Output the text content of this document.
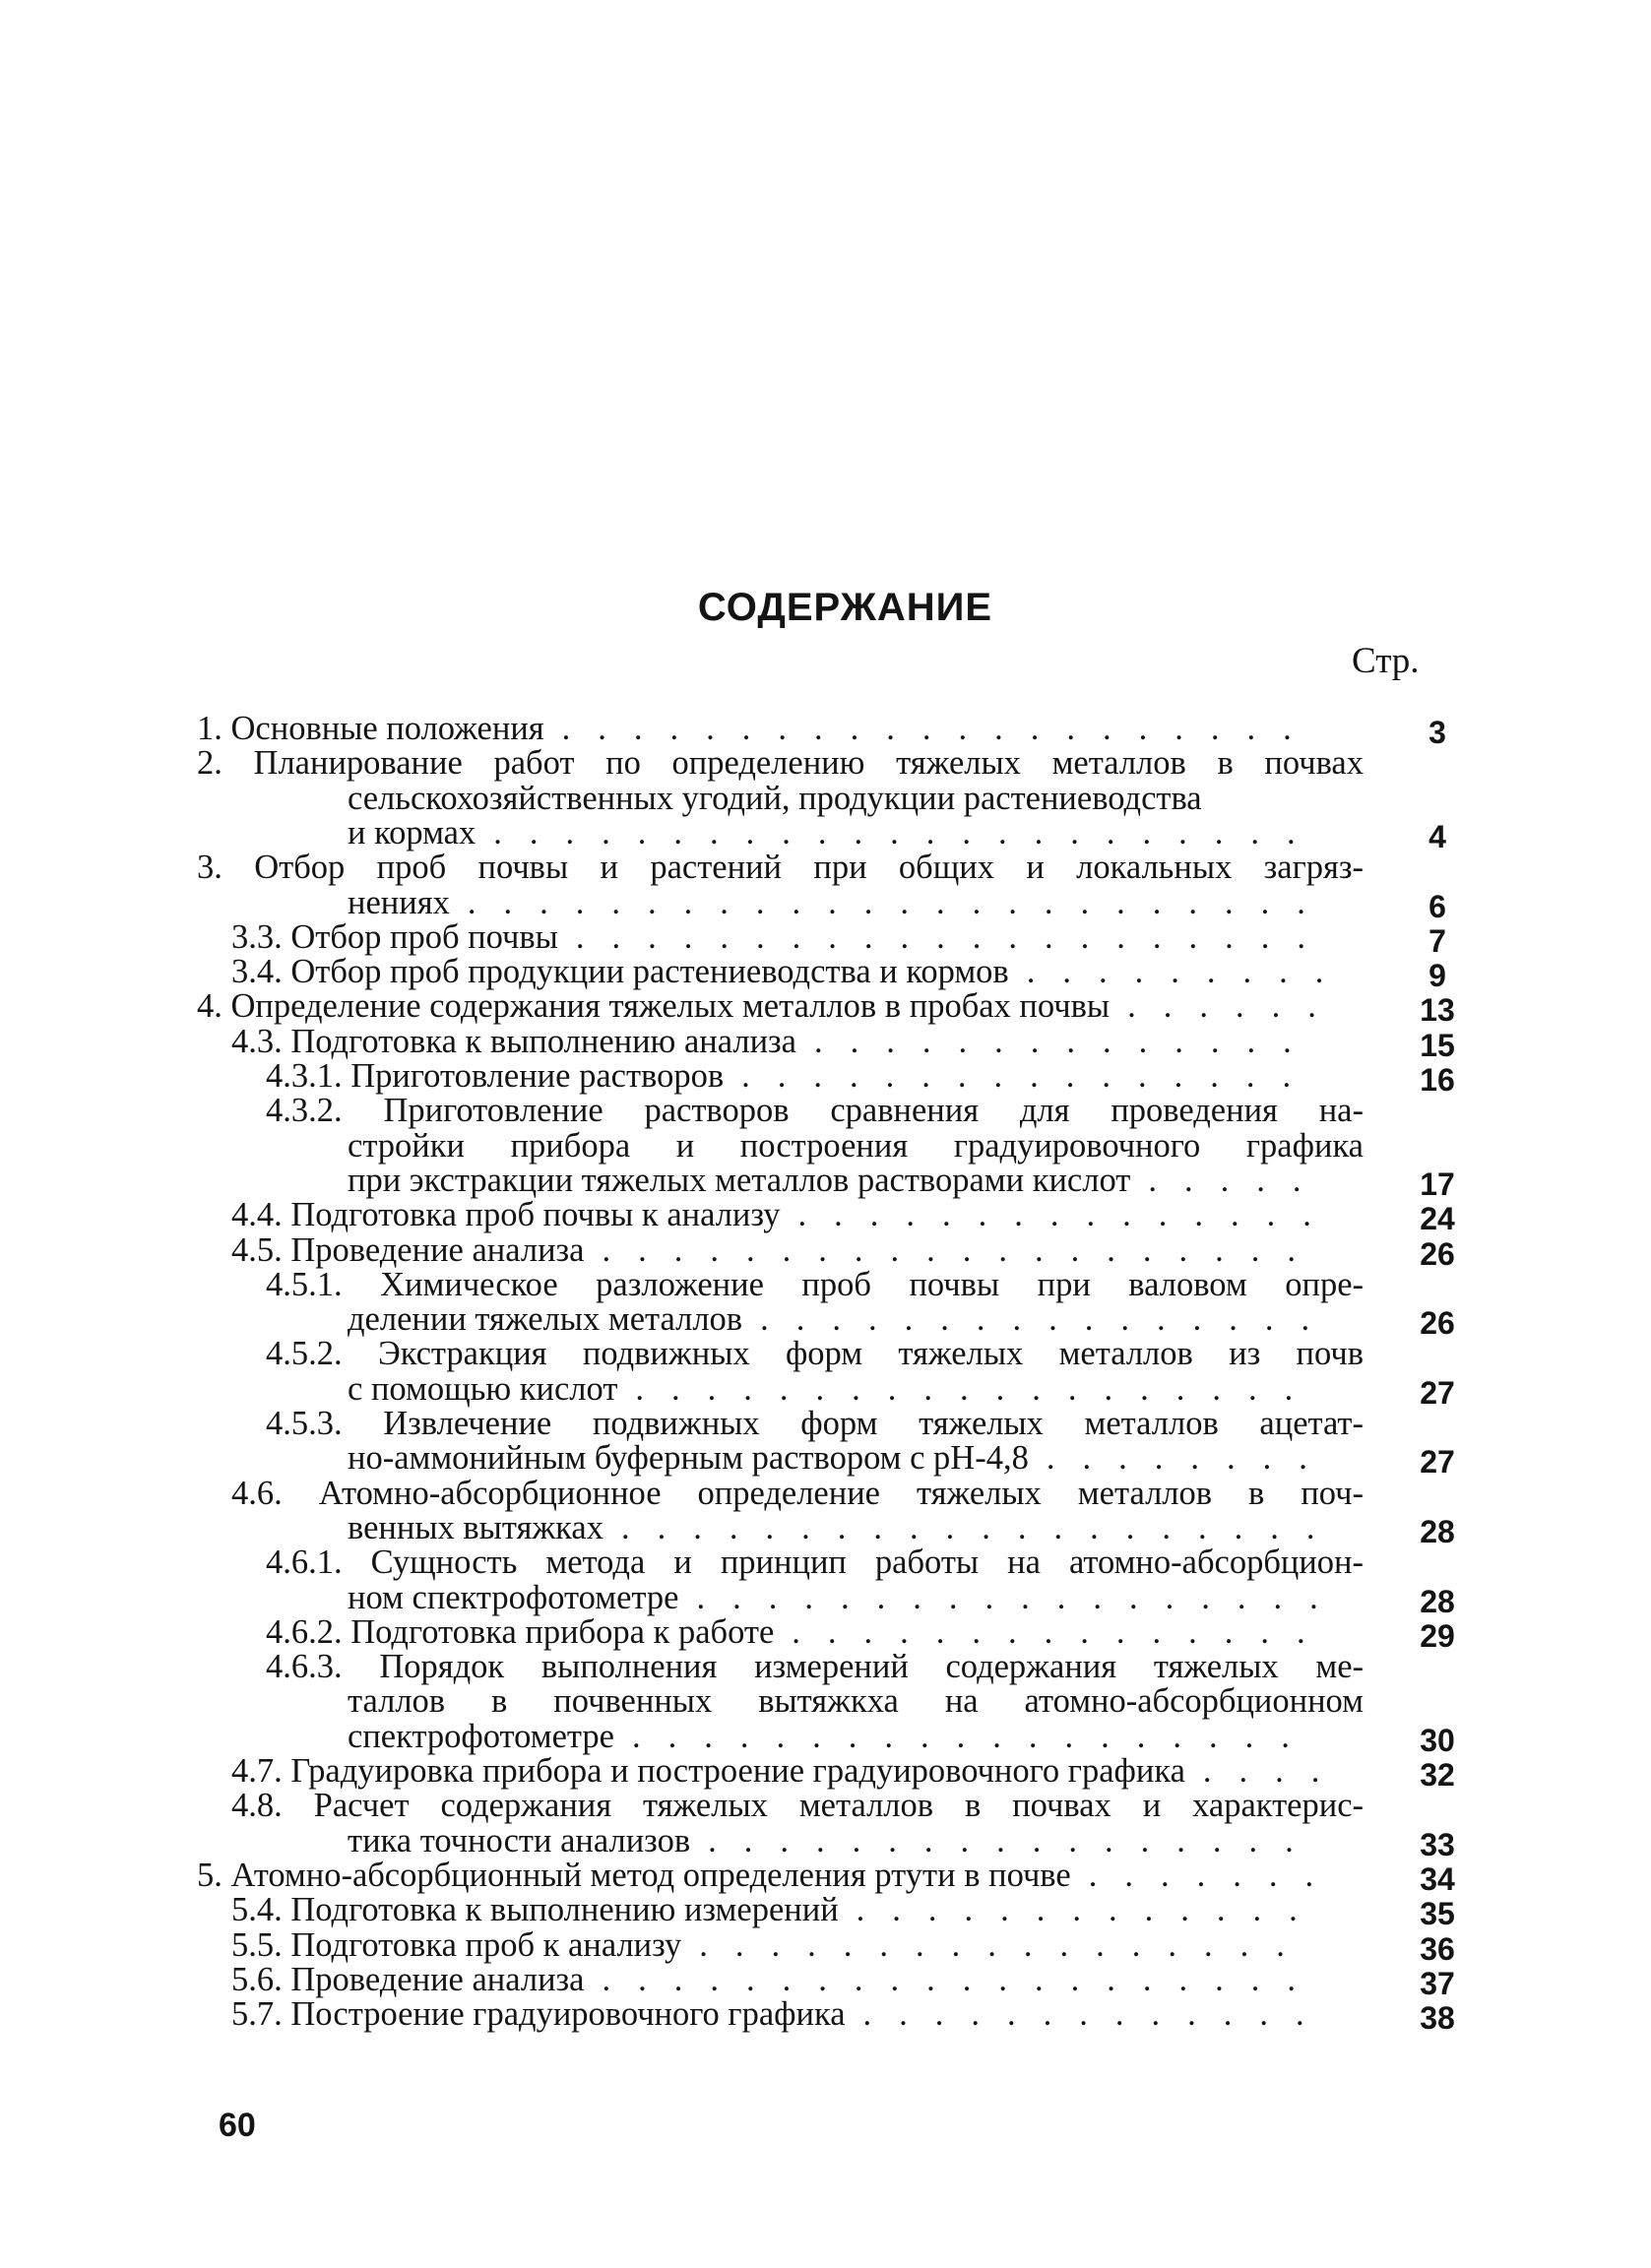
СОДЕРЖАНИЕ
Стр.
1. Основные положения .....................	3
2. Планирование работ по определению тяжелых металлов в почвах
сельскохозяйственных угодий, продукции растениеводства
и кормах .......................	4
3. Отбор проб почвы и растений при общих и локальных загряз-
нениях ........................	6
3.3. Отбор проб почвы .....................	7
3.4. Отбор проб продукции растениеводства и кормов .........	9
4. Определение содержания тяжелых металлов в пробах почвы ......	13
4.3. Подготовка к выполнению анализа ..............	15
4.3.1. Приготовление растворов ................	16
4.3.2. Приготовление растворов сравнения для проведения на-
стройки прибора и построения градуировочного графика
при экстракции тяжелых металлов растворами кислот .....	17
4.4. Подготовка проб почвы к анализу ...............	24
4.5. Проведение анализа ....................	26
4.5.1. Химическое разложение проб почвы при валовом опре-
делении тяжелых металлов ................	26
4.5.2. Экстракция подвижных форм тяжелых металлов из почв
с помощью кислот ...................	27
4.5.3. Извлечение подвижных форм тяжелых металлов ацетат-
но-аммонийным буферным раствором с рН-4,8 ........	27
4.6. Атомно-абсорбционное определение тяжелых металлов в поч-
венных вытяжках ....................	28
4.6.1. Сущность метода и принцип работы на атомно-абсорбцион-
ном спектрофотометре ..................	28
4.6.2. Подготовка прибора к работе ...............	29
4.6.3. Порядок выполнения измерений содержания тяжелых ме-
таллов в почвенных вытяжкха на атомно-абсорбционном
спектрофотометре ...................	30
4.7. Градуировка прибора и построение градуировочного графика ....	32
4.8. Расчет содержания тяжелых металлов в почвах и характерис-
тика точности анализов .................	33
5. Атомно-абсорбционный метод определения ртути в почве .......	34
5.4. Подготовка к выполнению измерений .............	35
5.5. Подготовка проб к анализу .................	36
5.6. Проведение анализа ....................	37
5.7. Построение градуировочного графика .............	38
60
